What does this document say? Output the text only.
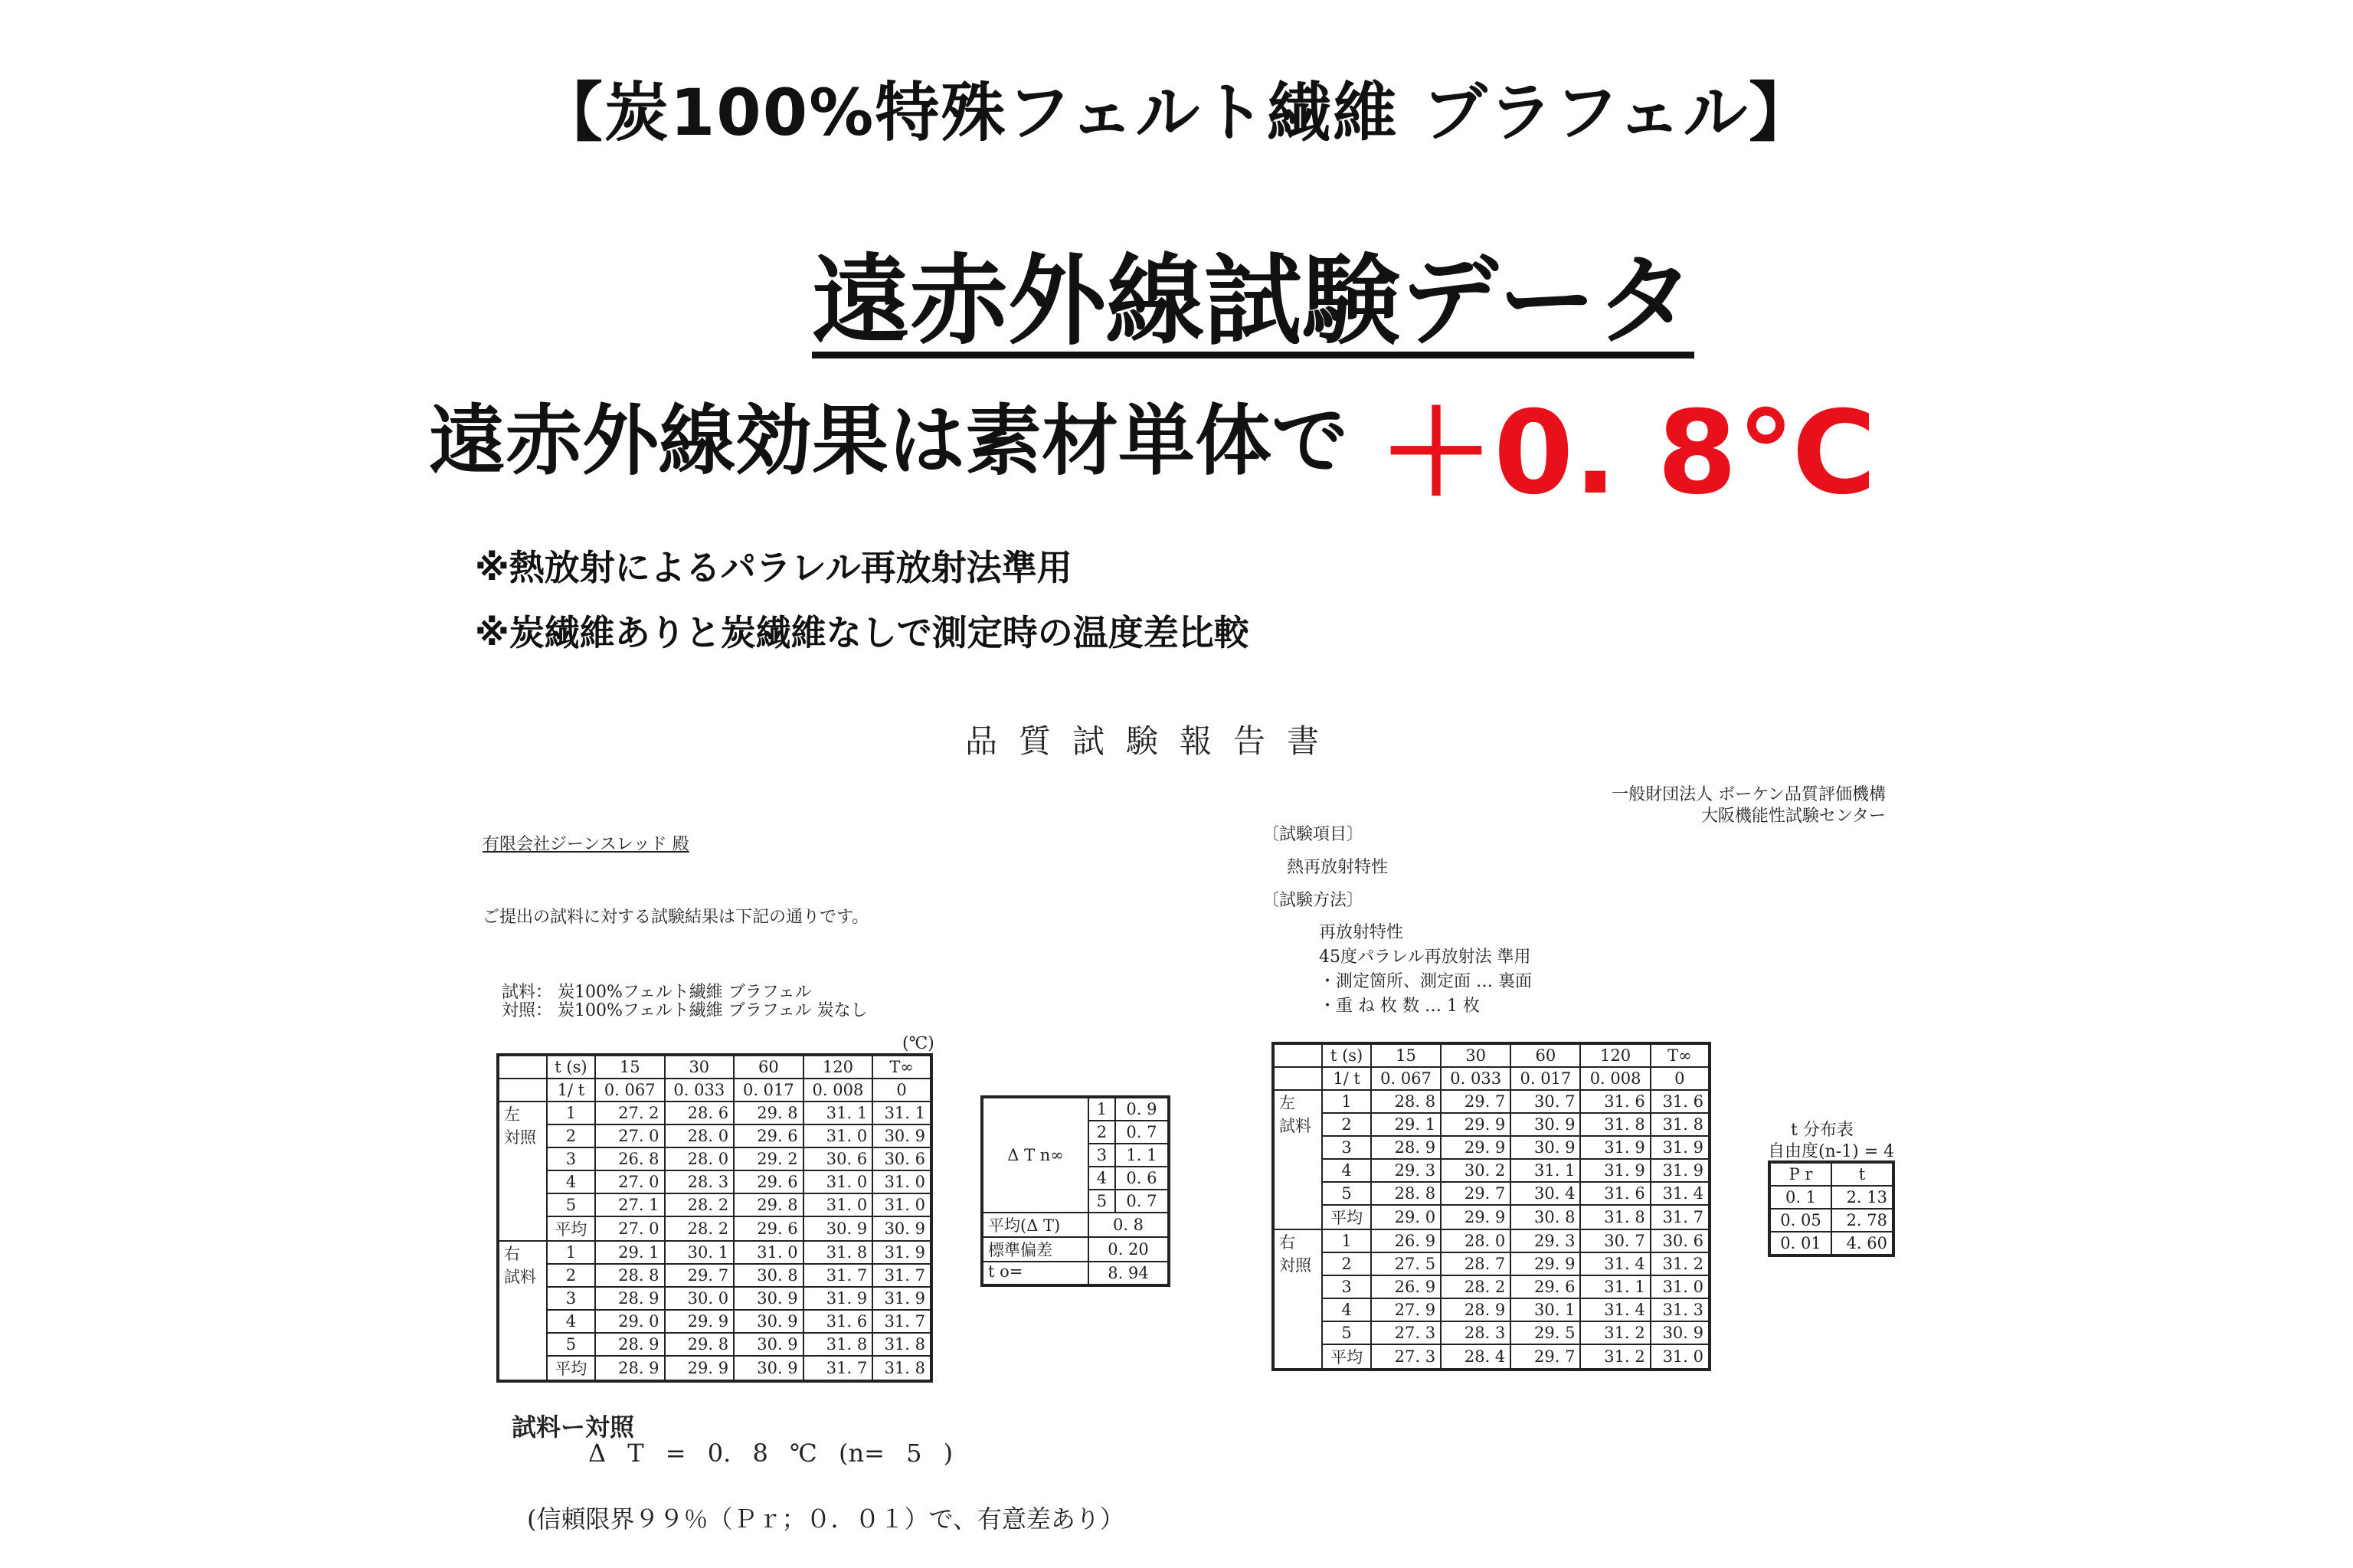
【炭100%特殊フェルト繊維 ブラフェル】
遠赤外線試験データ
遠赤外線効果は素材単体で ＋0. 8℃
※熱放射によるパラレル再放射法準用
※炭繊維ありと炭繊維なしで測定時の温度差比較
品質試験報告書
一般財団法人 ボーケン品質評価機構
大阪機能性試験センター
有限会社ジーンスレッド 殿
ご提出の試料に対する試験結果は下記の通りです。
試料： 炭100%フェルト繊維 ブラフェル
対照： 炭100%フェルト繊維 ブラフェル 炭なし
(℃)
〔試験項目〕
熱再放射特性
〔試験方法〕
再放射特性
45度パラレル再放射法 準用
・測定箇所、測定面 … 裏面
・重 ね 枚 数 … 1 枚
	t (s)	15	30	60	120	T∞
	1/ t	0. 067	0. 033	0. 017	0. 008	0
左
対照	1	27. 2	28. 6	29. 8	31. 1	31. 1
	2	27. 0	28. 0	29. 6	31. 0	30. 9
	3	26. 8	28. 0	29. 2	30. 6	30. 6
	4	27. 0	28. 3	29. 6	31. 0	31. 0
	5	27. 1	28. 2	29. 8	31. 0	31. 0
	平均	27. 0	28. 2	29. 6	30. 9	30. 9
右
試料	1	29. 1	30. 1	31. 0	31. 8	31. 9
	2	28. 8	29. 7	30. 8	31. 7	31. 7
	3	28. 9	30. 0	30. 9	31. 9	31. 9
	4	29. 0	29. 9	30. 9	31. 6	31. 7
	5	28. 9	29. 8	30. 9	31. 8	31. 8
	平均	28. 9	29. 9	30. 9	31. 7	31. 8
Δ T n∞	1	0. 9
	2	0. 7
	3	1. 1
	4	0. 6
	5	0. 7
平均(Δ T)	0. 8	
標準偏差	0. 20	
t o=	8. 94	
	t (s)	15	30	60	120	T∞
	1/ t	0. 067	0. 033	0. 017	0. 008	0
左
試料	1	28. 8	29. 7	30. 7	31. 6	31. 6
	2	29. 1	29. 9	30. 9	31. 8	31. 8
	3	28. 9	29. 9	30. 9	31. 9	31. 9
	4	29. 3	30. 2	31. 1	31. 9	31. 9
	5	28. 8	29. 7	30. 4	31. 6	31. 4
	平均	29. 0	29. 9	30. 8	31. 8	31. 7
右
対照	1	26. 9	28. 0	29. 3	30. 7	30. 6
	2	27. 5	28. 7	29. 9	31. 4	31. 2
	3	26. 9	28. 2	29. 6	31. 1	31. 0
	4	27. 9	28. 9	30. 1	31. 4	31. 3
	5	27. 3	28. 3	29. 5	31. 2	30. 9
	平均	27. 3	28. 4	29. 7	31. 2	31. 0
t 分布表
自由度(n-1) = 4
P r	t
0. 1	2. 13
0. 05	2. 78
0. 01	4. 60
試料ー対照
Δ T = 0. 8 ℃ (n= 5 )
(信頼限界９９％（Ｐｒ；０．０１）で、有意差あり）
